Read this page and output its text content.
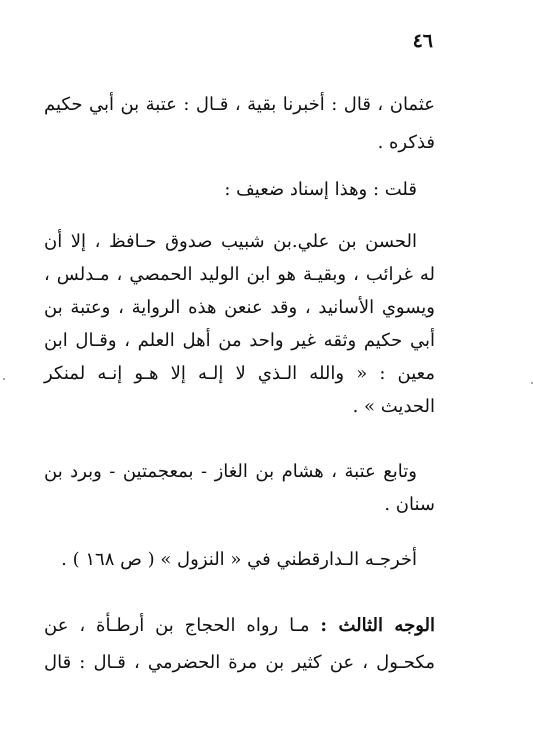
٤٦
عثمان ، قال : أخبرنا بقية ، قـال : عتبة بن أبي حكيم
فذكره .
قلت : وهذا إسناد ضعيف :
الحسن بن علي.بن شبيب صدوق حـافظ ، إلا أن
له غرائب ، وبقيـة هو ابن الوليد الحمصي ، مـدلس ،
ويسوي الأسانيد ، وقد عنعن هذه الرواية ، وعتبة بن
أبي حكيم وثقه غير واحد من أهل العلم ، وقـال ابن
معين : « والله الـذي لا إلـه إلا هـو إنـه لمنكر
الحديث » .
وتابع عتبة ، هشام بن الغاز - بمعجمتين - وبرد بن
سنان .
أخرجـه الـدارقطني في « النزول » ( ص ١٦٨ ) .
الوجه الثالث : مـا رواه الحجاج بن أرطـأة ، عن
مكحـول ، عن كثير بن مرة الحضرمي ، قـال : قال
